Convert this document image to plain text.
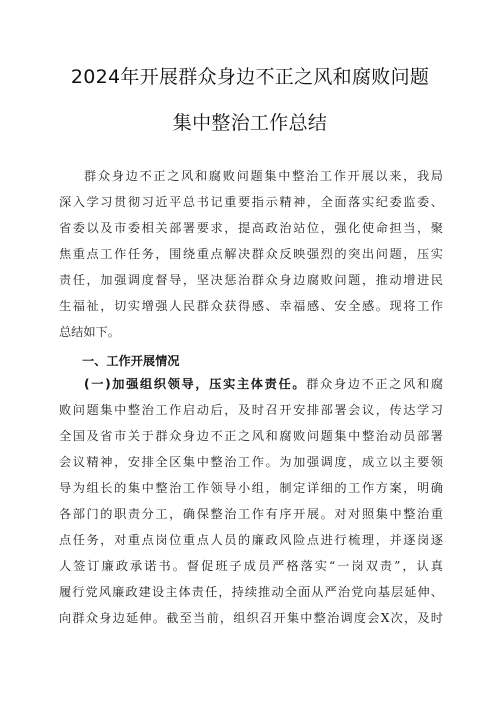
2024年开展群众身边不正之风和腐败问题
集中整治工作总结
群众身边不正之风和腐败问题集中整治工作开展以来，我局
深入学习贯彻习近平总书记重要指示精神，全面落实纪委监委、
省委以及市委相关部署要求，提高政治站位，强化使命担当，聚
焦重点工作任务，围绕重点解决群众反映强烈的突出问题，压实
责任，加强调度督导，坚决惩治群众身边腐败问题，推动增进民
生福祉，切实增强人民群众获得感、幸福感、安全感。现将工作
总结如下。
一、工作开展情况
(一)加强组织领导，压实主体责任。群众身边不正之风和腐
败问题集中整治工作启动后，及时召开安排部署会议，传达学习
全国及省市关于群众身边不正之风和腐败问题集中整治动员部署
会议精神，安排全区集中整治工作。为加强调度，成立以主要领
导为组长的集中整治工作领导小组，制定详细的工作方案，明确
各部门的职责分工，确保整治工作有序开展。对对照集中整治重
点任务，对重点岗位重点人员的廉政风险点进行梳理，并逐岗逐
人签订廉政承诺书。督促班子成员严格落实“一岗双责”，认真
履行党风廉政建设主体责任，持续推动全面从严治党向基层延伸、
向群众身边延伸。截至当前，组织召开集中整治调度会X次，及时
